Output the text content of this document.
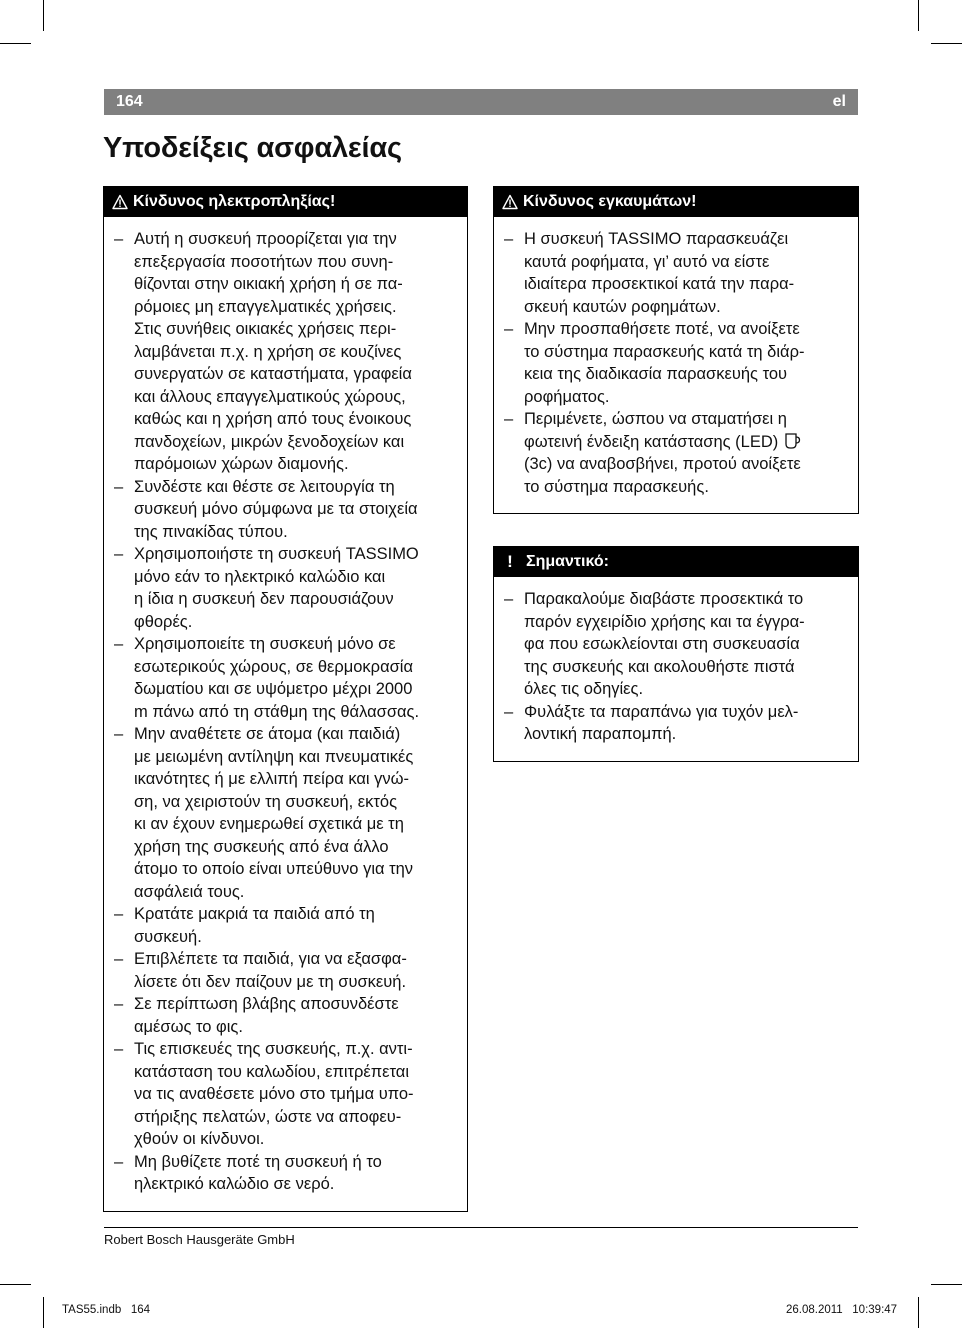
164	el
Υποδείξεις ασφαλείας
Κίνδυνος ηλεκτροπληξίας!
– Αυτή η συσκευή προορίζεται για την
επεξεργασία ποσοτήτων που συνη-
θίζονται στην οικιακή χρήση ή σε πα-
ρόμοιες μη επαγγελματικές χρήσεις.
Στις συνήθεις οικιακές χρήσεις περι-
λαμβάνεται π.χ. η χρήση σε κουζίνες
συνεργατών σε καταστήματα, γραφεία
και άλλους επαγγελματικούς χώρους,
καθώς και η χρήση από τους ένοικους
πανδοχείων, μικρών ξενοδοχείων και
παρόμοιων χώρων διαμονής.
– Συνδέστε και θέστε σε λειτουργία τη
συσκευή μόνο σύμφωνα με τα στοιχεία
της πινακίδας τύπου.
– Χρησιμοποιήστε τη συσκευή TASSIMO
μόνο εάν το ηλεκτρικό καλώδιο και
η ίδια η συσκευή δεν παρουσιάζουν
φθορές.
– Χρησιμοποιείτε τη συσκευή μόνο σε
εσωτερικούς χώρους, σε θερμοκρασία
δωματίου και σε υψόμετρο μέχρι 2000
m πάνω από τη στάθμη της θάλασσας.
– Μην αναθέτετε σε άτομα (και παιδιά)
με μειωμένη αντίληψη και πνευματικές
ικανότητες ή με ελλιπή πείρα και γνώ-
ση, να χειριστούν τη συσκευή, εκτός
κι αν έχουν ενημερωθεί σχετικά με τη
χρήση της συσκευής από ένα άλλο
άτομο το οποίο είναι υπεύθυνο για την
ασφάλειά τους.
– Κρατάτε μακριά τα παιδιά από τη
συσκευή.
– Επιβλέπετε τα παιδιά, για να εξασφα-
λίσετε ότι δεν παίζουν με τη συσκευή.
– Σε περίπτωση βλάβης αποσυνδέστε
αμέσως το φις.
– Τις επισκευές της συσκευής, π.χ. αντι-
κατάσταση του καλωδίου, επιτρέπεται
να τις αναθέσετε μόνο στο τμήμα υπο-
στήριξης πελατών, ώστε να αποφευ-
χθούν οι κίνδυνοι.
– Μη βυθίζετε ποτέ τη συσκευή ή το
ηλεκτρικό καλώδιο σε νερό.
Κίνδυνος εγκαυμάτων!
– Η συσκευή TASSIMO παρασκευάζει
καυτά ροφήματα, γι’ αυτό να είστε
ιδιαίτερα προσεκτικοί κατά την παρα-
σκευή καυτών ροφημάτων.
– Μην προσπαθήσετε ποτέ, να ανοίξετε
το σύστημα παρασκευής κατά τη διάρ-
κεια της διαδικασία παρασκευής του
ροφήματος.
– Περιμένετε, ώσπου να σταματήσει η
φωτεινή ένδειξη κατάστασης (LED)
(3c) να αναβοσβήνει, προτού ανοίξετε
το σύστημα παρασκευής.
! Σημαντικό:
– Παρακαλούμε διαβάστε προσεκτικά το
παρόν εγχειρίδιο χρήσης και τα έγγρα-
φα που εσωκλείονται στη συσκευασία
της συσκευής και ακολουθήστε πιστά
όλες τις οδηγίες.
– Φυλάξτε τα παραπάνω για τυχόν μελ-
λοντική παραπομπή.
Robert Bosch Hausgeräte GmbH
TAS55.indb   164	26.08.2011   10:39:47
